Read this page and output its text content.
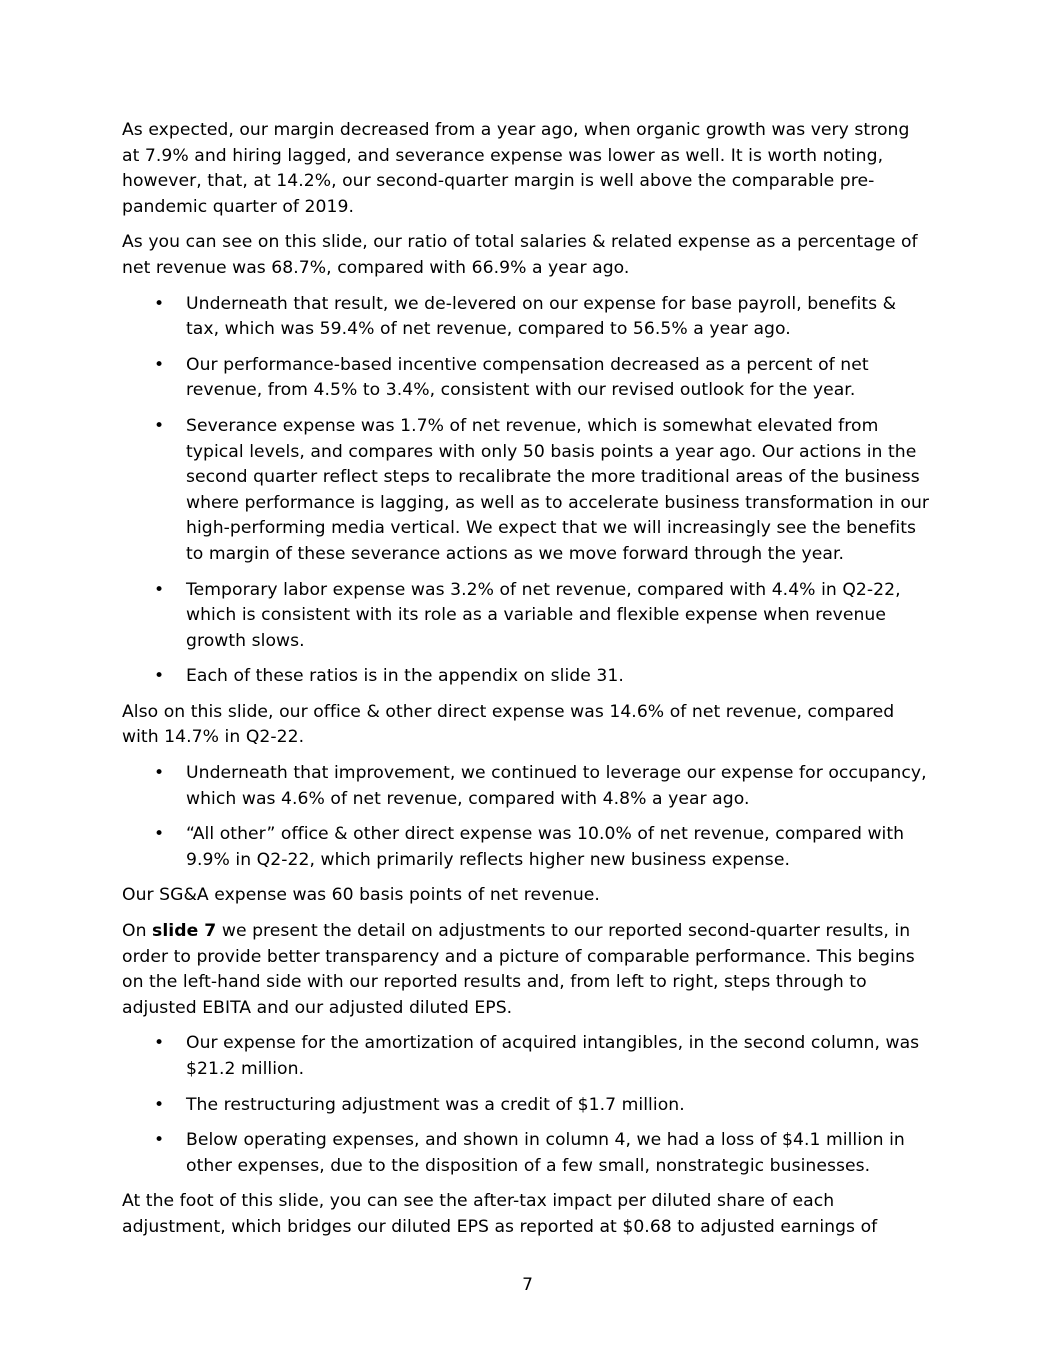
As expected, our margin decreased from a year ago, when organic growth was very strong at 7.9% and hiring lagged, and severance expense was lower as well. It is worth noting, however, that, at 14.2%, our second-quarter margin is well above the comparable pre-pandemic quarter of 2019.

As you can see on this slide, our ratio of total salaries & related expense as a percentage of net revenue was 68.7%, compared with 66.9% a year ago.

• Underneath that result, we de-levered on our expense for base payroll, benefits & tax, which was 59.4% of net revenue, compared to 56.5% a year ago.
• Our performance-based incentive compensation decreased as a percent of net revenue, from 4.5% to 3.4%, consistent with our revised outlook for the year.
• Severance expense was 1.7% of net revenue, which is somewhat elevated from typical levels, and compares with only 50 basis points a year ago. Our actions in the second quarter reflect steps to recalibrate the more traditional areas of the business where performance is lagging, as well as to accelerate business transformation in our high-performing media vertical. We expect that we will increasingly see the benefits to margin of these severance actions as we move forward through the year.
• Temporary labor expense was 3.2% of net revenue, compared with 4.4% in Q2-22, which is consistent with its role as a variable and flexible expense when revenue growth slows.
• Each of these ratios is in the appendix on slide 31.

Also on this slide, our office & other direct expense was 14.6% of net revenue, compared with 14.7% in Q2-22.

• Underneath that improvement, we continued to leverage our expense for occupancy, which was 4.6% of net revenue, compared with 4.8% a year ago.
• “All other” office & other direct expense was 10.0% of net revenue, compared with 9.9% in Q2-22, which primarily reflects higher new business expense.

Our SG&A expense was 60 basis points of net revenue.

On slide 7 we present the detail on adjustments to our reported second-quarter results, in order to provide better transparency and a picture of comparable performance. This begins on the left-hand side with our reported results and, from left to right, steps through to adjusted EBITA and our adjusted diluted EPS.

• Our expense for the amortization of acquired intangibles, in the second column, was $21.2 million.
• The restructuring adjustment was a credit of $1.7 million.
• Below operating expenses, and shown in column 4, we had a loss of $4.1 million in other expenses, due to the disposition of a few small, nonstrategic businesses.

At the foot of this slide, you can see the after-tax impact per diluted share of each adjustment, which bridges our diluted EPS as reported at $0.68 to adjusted earnings of

7
